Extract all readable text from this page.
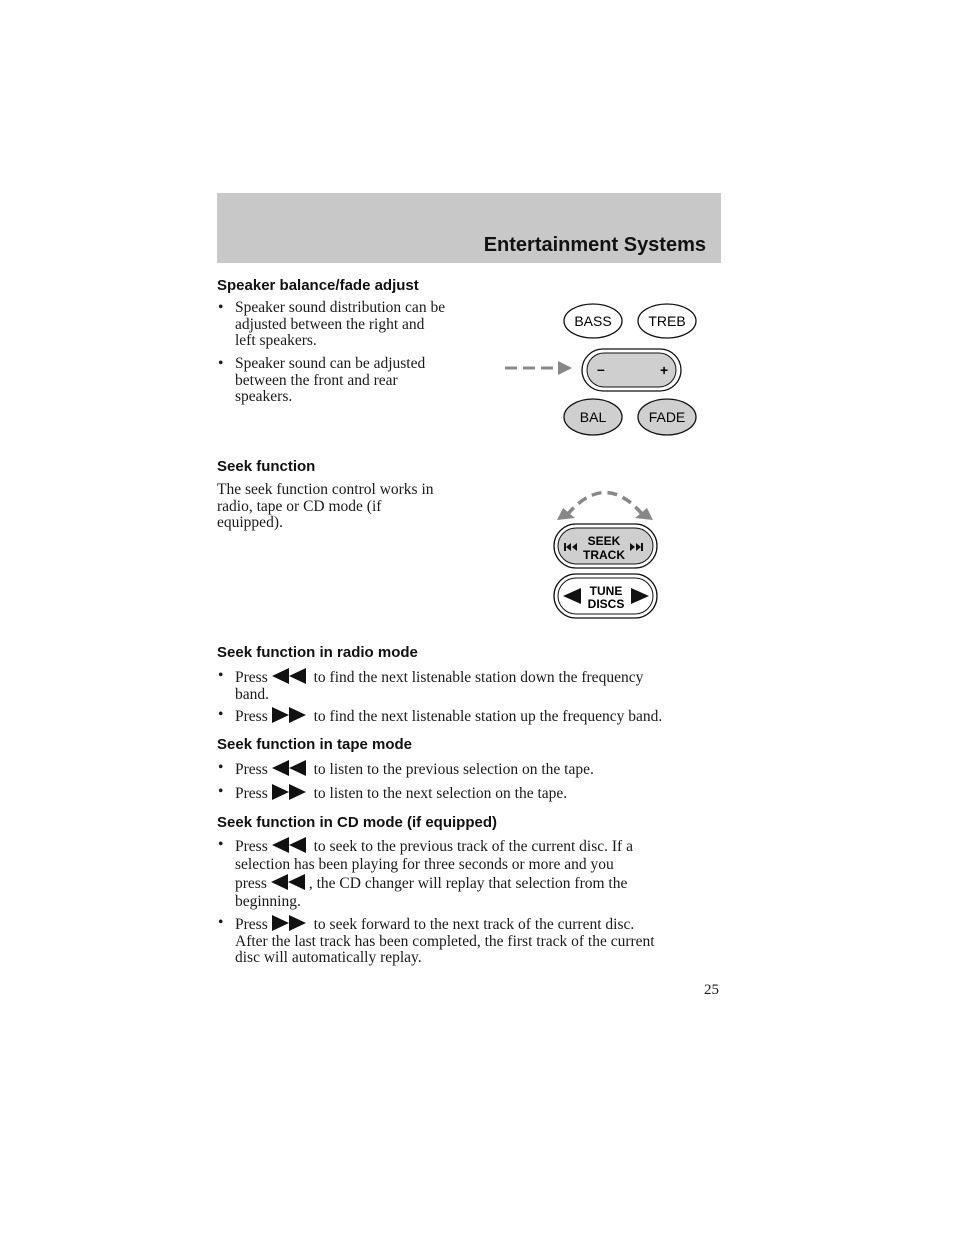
Entertainment Systems
Speaker balance/fade adjust
• Speaker sound distribution can be
adjusted between the right and
left speakers.
• Speaker sound can be adjusted
between the front and rear
speakers.
BASS	TREB
–	+
BAL	FADE
Seek function
The seek function control works in
radio, tape or CD mode (if
equipped).
SEEK
TRACK
TUNE
DISCS
Seek function in radio mode
• Press	to find the next listenable station down the frequency
band.
• Press	to find the next listenable station up the frequency band.
Seek function in tape mode
• Press	to listen to the previous selection on the tape.
• Press	to listen to the next selection on the tape.
Seek function in CD mode (if equipped)
• Press	to seek to the previous track of the current disc. If a
selection has been playing for three seconds or more and you
press	, the CD changer will replay that selection from the
beginning.
• Press	to seek forward to the next track of the current disc.
After the last track has been completed, the first track of the current
disc will automatically replay.
25
